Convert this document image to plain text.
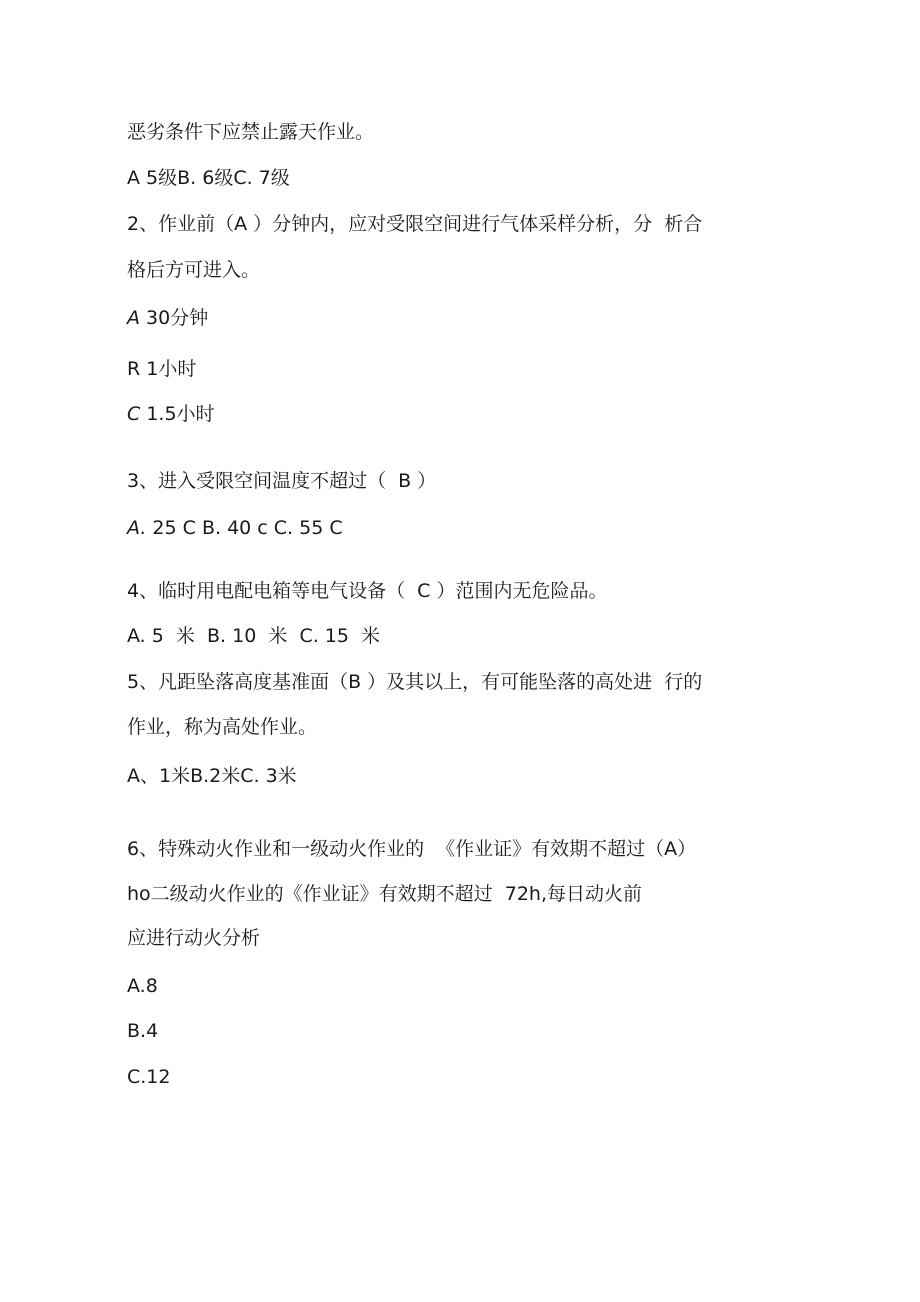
恶劣条件下应禁止露天作业。

A 5级B. 6级C. 7级

2、作业前（A ）分钟内，应对受限空间进行气体采样分析，分  析合

格后方可进入。

A 30分钟

R 1小时

C 1.5小时

3、进入受限空间温度不超过（  B ）

A. 25 C B. 40 c C. 55 C

4、临时用电配电箱等电气设备（  C ）范围内无危险品。

A. 5  米  B. 10  米  C. 15  米

5、凡距坠落高度基准面（B ）及其以上，有可能坠落的高处进  行的

作业，称为高处作业。

A、1米B.2米C. 3米

6、特殊动火作业和一级动火作业的  《作业证》有效期不超过（A）

ho二级动火作业的《作业证》有效期不超过  72h,每日动火前

应进行动火分析

A.8

B.4

C.12
